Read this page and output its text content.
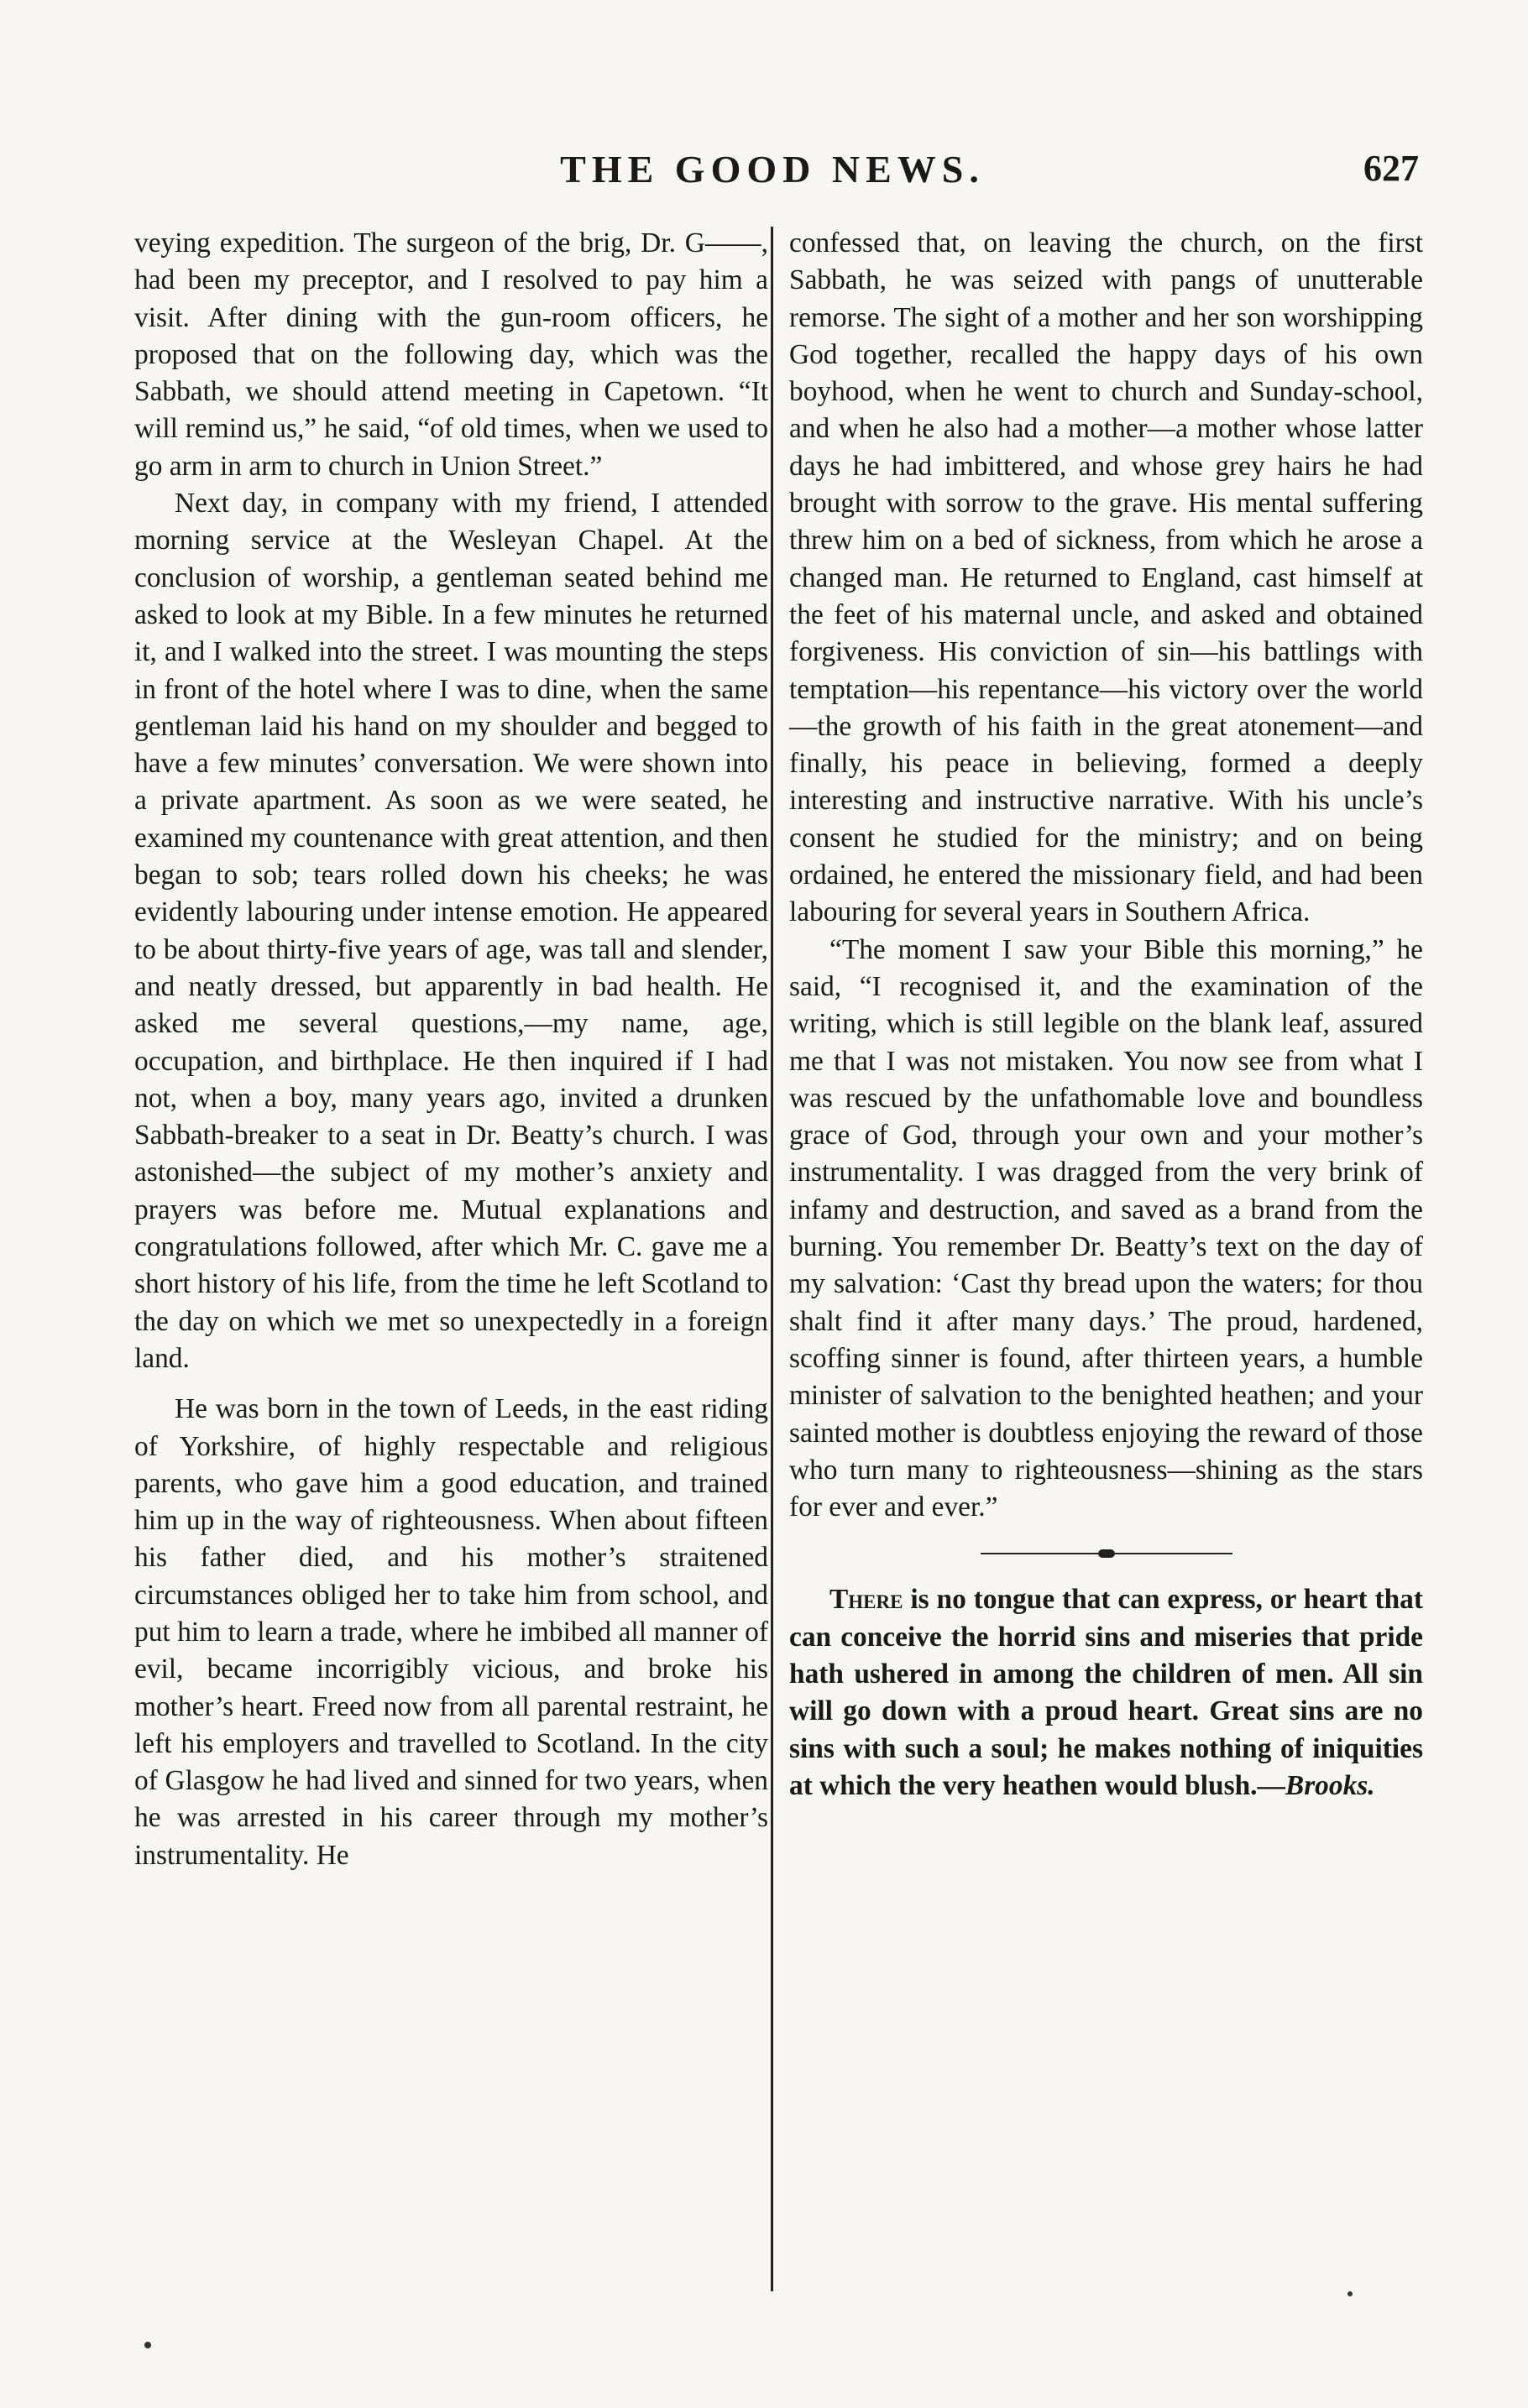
THE GOOD NEWS.	627

veying expedition. The surgeon of the brig, Dr. G——, had been my preceptor, and I resolved to pay him a visit. After dining with the gun-room officers, he proposed that on the following day, which was the Sabbath, we should attend meeting in Capetown. “It will remind us,” he said, “of old times, when we used to go arm in arm to church in Union Street.”

Next day, in company with my friend, I attended morning service at the Wesleyan Chapel. At the conclusion of worship, a gentleman seated behind me asked to look at my Bible. In a few minutes he returned it, and I walked into the street. I was mounting the steps in front of the hotel where I was to dine, when the same gentleman laid his hand on my shoulder and begged to have a few minutes’ conversation. We were shown into a private apartment. As soon as we were seated, he examined my countenance with great attention, and then began to sob; tears rolled down his cheeks; he was evidently labouring under intense emotion. He appeared to be about thirty-five years of age, was tall and slender, and neatly dressed, but apparently in bad health. He asked me several questions,—my name, age, occupation, and birthplace. He then inquired if I had not, when a boy, many years ago, invited a drunken Sabbath-breaker to a seat in Dr. Beatty’s church. I was astonished—the subject of my mother’s anxiety and prayers was before me. Mutual explanations and congratulations followed, after which Mr. C. gave me a short history of his life, from the time he left Scotland to the day on which we met so unexpectedly in a foreign land.

He was born in the town of Leeds, in the east riding of Yorkshire, of highly respectable and religious parents, who gave him a good education, and trained him up in the way of righteousness. When about fifteen his father died, and his mother’s straitened circumstances obliged her to take him from school, and put him to learn a trade, where he imbibed all manner of evil, became incorrigibly vicious, and broke his mother’s heart. Freed now from all parental restraint, he left his employers and travelled to Scotland. In the city of Glasgow he had lived and sinned for two years, when he was arrested in his career through my mother’s instrumentality. He

confessed that, on leaving the church, on the first Sabbath, he was seized with pangs of unutterable remorse. The sight of a mother and her son worshipping God together, recalled the happy days of his own boyhood, when he went to church and Sunday-school, and when he also had a mother—a mother whose latter days he had imbittered, and whose grey hairs he had brought with sorrow to the grave. His mental suffering threw him on a bed of sickness, from which he arose a changed man. He returned to England, cast himself at the feet of his maternal uncle, and asked and obtained forgiveness. His conviction of sin—his battlings with temptation—his repentance—his victory over the world—the growth of his faith in the great atonement—and finally, his peace in believing, formed a deeply interesting and instructive narrative. With his uncle’s consent he studied for the ministry; and on being ordained, he entered the missionary field, and had been labouring for several years in Southern Africa.

“The moment I saw your Bible this morning,” he said, “I recognised it, and the examination of the writing, which is still legible on the blank leaf, assured me that I was not mistaken. You now see from what I was rescued by the unfathomable love and boundless grace of God, through your own and your mother’s instrumentality. I was dragged from the very brink of infamy and destruction, and saved as a brand from the burning. You remember Dr. Beatty’s text on the day of my salvation: ‘Cast thy bread upon the waters; for thou shalt find it after many days.’ The proud, hardened, scoffing sinner is found, after thirteen years, a humble minister of salvation to the benighted heathen; and your sainted mother is doubtless enjoying the reward of those who turn many to righteousness—shining as the stars for ever and ever.”

There is no tongue that can express, or heart that can conceive the horrid sins and miseries that pride hath ushered in among the children of men. All sin will go down with a proud heart. Great sins are no sins with such a soul; he makes nothing of iniquities at which the very heathen would blush.—Brooks.
